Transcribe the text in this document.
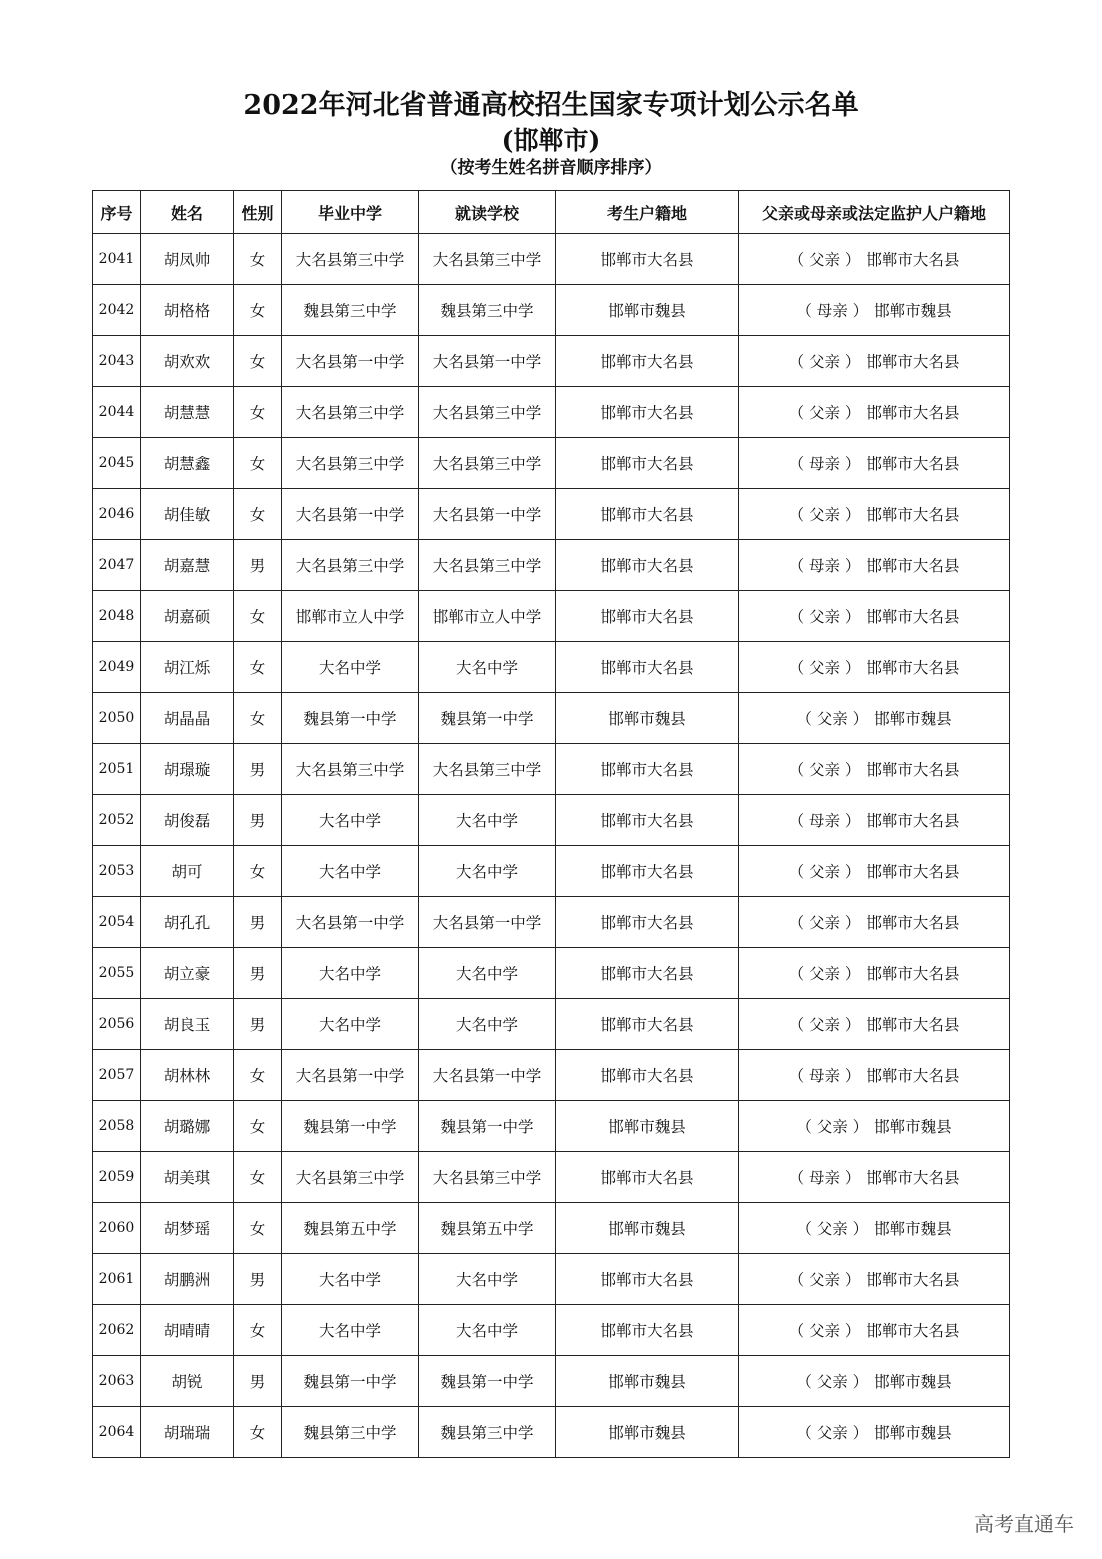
2022年河北省普通高校招生国家专项计划公示名单
(邯郸市)
（按考生姓名拼音顺序排序）
序号	姓名	性别	毕业中学	就读学校	考生户籍地	父亲或母亲或法定监护人户籍地
2041	胡凤帅	女	大名县第三中学	大名县第三中学	邯郸市大名县	（ 父亲 ） 邯郸市大名县
2042	胡格格	女	魏县第三中学	魏县第三中学	邯郸市魏县	（ 母亲 ） 邯郸市魏县
2043	胡欢欢	女	大名县第一中学	大名县第一中学	邯郸市大名县	（ 父亲 ） 邯郸市大名县
2044	胡慧慧	女	大名县第三中学	大名县第三中学	邯郸市大名县	（ 父亲 ） 邯郸市大名县
2045	胡慧鑫	女	大名县第三中学	大名县第三中学	邯郸市大名县	（ 母亲 ） 邯郸市大名县
2046	胡佳敏	女	大名县第一中学	大名县第一中学	邯郸市大名县	（ 父亲 ） 邯郸市大名县
2047	胡嘉慧	男	大名县第三中学	大名县第三中学	邯郸市大名县	（ 母亲 ） 邯郸市大名县
2048	胡嘉硕	女	邯郸市立人中学	邯郸市立人中学	邯郸市大名县	（ 父亲 ） 邯郸市大名县
2049	胡江烁	女	大名中学	大名中学	邯郸市大名县	（ 父亲 ） 邯郸市大名县
2050	胡晶晶	女	魏县第一中学	魏县第一中学	邯郸市魏县	（ 父亲 ） 邯郸市魏县
2051	胡璟璇	男	大名县第三中学	大名县第三中学	邯郸市大名县	（ 父亲 ） 邯郸市大名县
2052	胡俊磊	男	大名中学	大名中学	邯郸市大名县	（ 母亲 ） 邯郸市大名县
2053	胡可	女	大名中学	大名中学	邯郸市大名县	（ 父亲 ） 邯郸市大名县
2054	胡孔孔	男	大名县第一中学	大名县第一中学	邯郸市大名县	（ 父亲 ） 邯郸市大名县
2055	胡立豪	男	大名中学	大名中学	邯郸市大名县	（ 父亲 ） 邯郸市大名县
2056	胡良玉	男	大名中学	大名中学	邯郸市大名县	（ 父亲 ） 邯郸市大名县
2057	胡林林	女	大名县第一中学	大名县第一中学	邯郸市大名县	（ 母亲 ） 邯郸市大名县
2058	胡璐娜	女	魏县第一中学	魏县第一中学	邯郸市魏县	（ 父亲 ） 邯郸市魏县
2059	胡美琪	女	大名县第三中学	大名县第三中学	邯郸市大名县	（ 母亲 ） 邯郸市大名县
2060	胡梦瑶	女	魏县第五中学	魏县第五中学	邯郸市魏县	（ 父亲 ） 邯郸市魏县
2061	胡鹏洲	男	大名中学	大名中学	邯郸市大名县	（ 父亲 ） 邯郸市大名县
2062	胡晴晴	女	大名中学	大名中学	邯郸市大名县	（ 父亲 ） 邯郸市大名县
2063	胡锐	男	魏县第一中学	魏县第一中学	邯郸市魏县	（ 父亲 ） 邯郸市魏县
2064	胡瑞瑞	女	魏县第三中学	魏县第三中学	邯郸市魏县	（ 父亲 ） 邯郸市魏县
高考直通车
